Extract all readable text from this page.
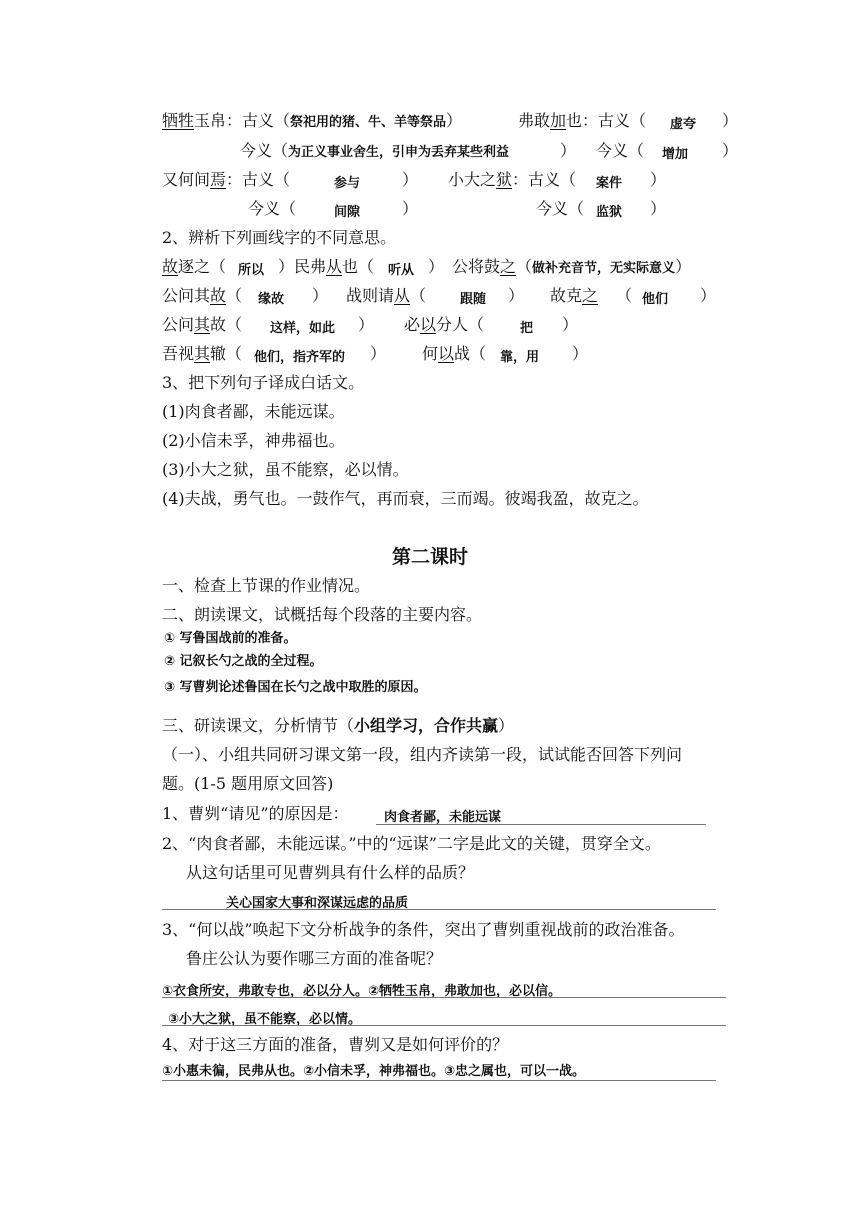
牺牲玉帛：古义（祭祀用的猪、牛、羊等祭品）	弗敢加也：古义（ 虚夸 ）
今义（为正义事业舍生，引申为丢弃某些利益	） 今义（ 增加 ）
又何间焉：古义（	参与	） 小大之狱：古义（ 案件 ）
今义（	间隙	）	今义（ 监狱 ）
2、辨析下列画线字的不同意思。
故逐之（ 所以 ）民弗从也（ 听从 ） 公将鼓之（做补充音节，无实际意义）
公问其故（ 缘故 ） 战则请从（	跟随 ） 故克之 （ 他们 ）
公问其故（ 这样，如此 ） 必以分人（	把 ）
吾视其辙（ 他们，指齐军的 ） 何以战（ 靠，用 ）
3、把下列句子译成白话文。
(1)肉食者鄙，未能远谋。
(2)小信未孚，神弗福也。
(3)小大之狱，虽不能察，必以情。
(4)夫战，勇气也。一鼓作气，再而衰，三而竭。彼竭我盈，故克之。
第二课时
一、检查上节课的作业情况。
二、朗读课文，试概括每个段落的主要内容。
① 写鲁国战前的准备。
② 记叙长勺之战的全过程。
③ 写曹刿论述鲁国在长勺之战中取胜的原因。
三、研读课文，分析情节（小组学习，合作共赢）
（一）、小组共同研习课文第一段，组内齐读第一段，试试能否回答下列问
题。(1-5 题用原文回答)
1、曹刿“请见”的原因是：	肉食者鄙，未能远谋
2、“肉食者鄙，未能远谋。”中的“远谋”二字是此文的关键，贯穿全文。
从这句话里可见曹刿具有什么样的品质？
关心国家大事和深谋远虑的品质
3、“何以战”唤起下文分析战争的条件，突出了曹刿重视战前的政治准备。
鲁庄公认为要作哪三方面的准备呢？
①衣食所安，弗敢专也，必以分人。②牺牲玉帛，弗敢加也，必以信。
③小大之狱，虽不能察，必以情。
4、对于这三方面的准备，曹刿又是如何评价的？
①小惠未徧，民弗从也。②小信未孚，神弗福也。③忠之属也，可以一战。
